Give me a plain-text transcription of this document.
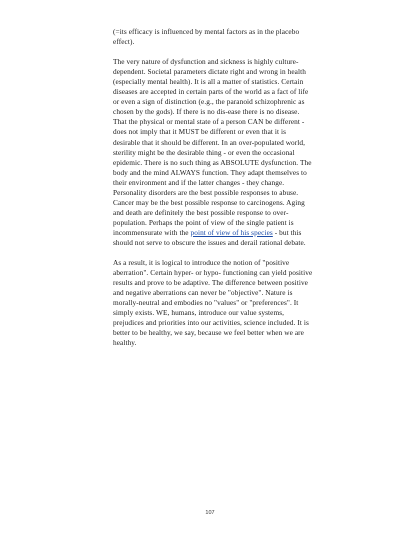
(=its efficacy is influenced by mental factors as in the placebo effect).

The very nature of dysfunction and sickness is highly culture-dependent. Societal parameters dictate right and wrong in health (especially mental health). It is all a matter of statistics. Certain diseases are accepted in certain parts of the world as a fact of life or even a sign of distinction (e.g., the paranoid schizophrenic as chosen by the gods). If there is no dis-ease there is no disease. That the physical or mental state of a person CAN be different - does not imply that it MUST be different or even that it is desirable that it should be different. In an over-populated world, sterility might be the desirable thing - or even the occasional epidemic. There is no such thing as ABSOLUTE dysfunction. The body and the mind ALWAYS function. They adapt themselves to their environment and if the latter changes - they change. Personality disorders are the best possible responses to abuse. Cancer may be the best possible response to carcinogens. Aging and death are definitely the best possible response to over-population. Perhaps the point of view of the single patient is incommensurate with the point of view of his species - but this should not serve to obscure the issues and derail rational debate.

As a result, it is logical to introduce the notion of "positive aberration". Certain hyper- or hypo- functioning can yield positive results and prove to be adaptive. The difference between positive and negative aberrations can never be "objective". Nature is morally-neutral and embodies no "values" or "preferences". It simply exists. WE, humans, introduce our value systems, prejudices and priorities into our activities, science included. It is better to be healthy, we say, because we feel better when we are healthy.

107
